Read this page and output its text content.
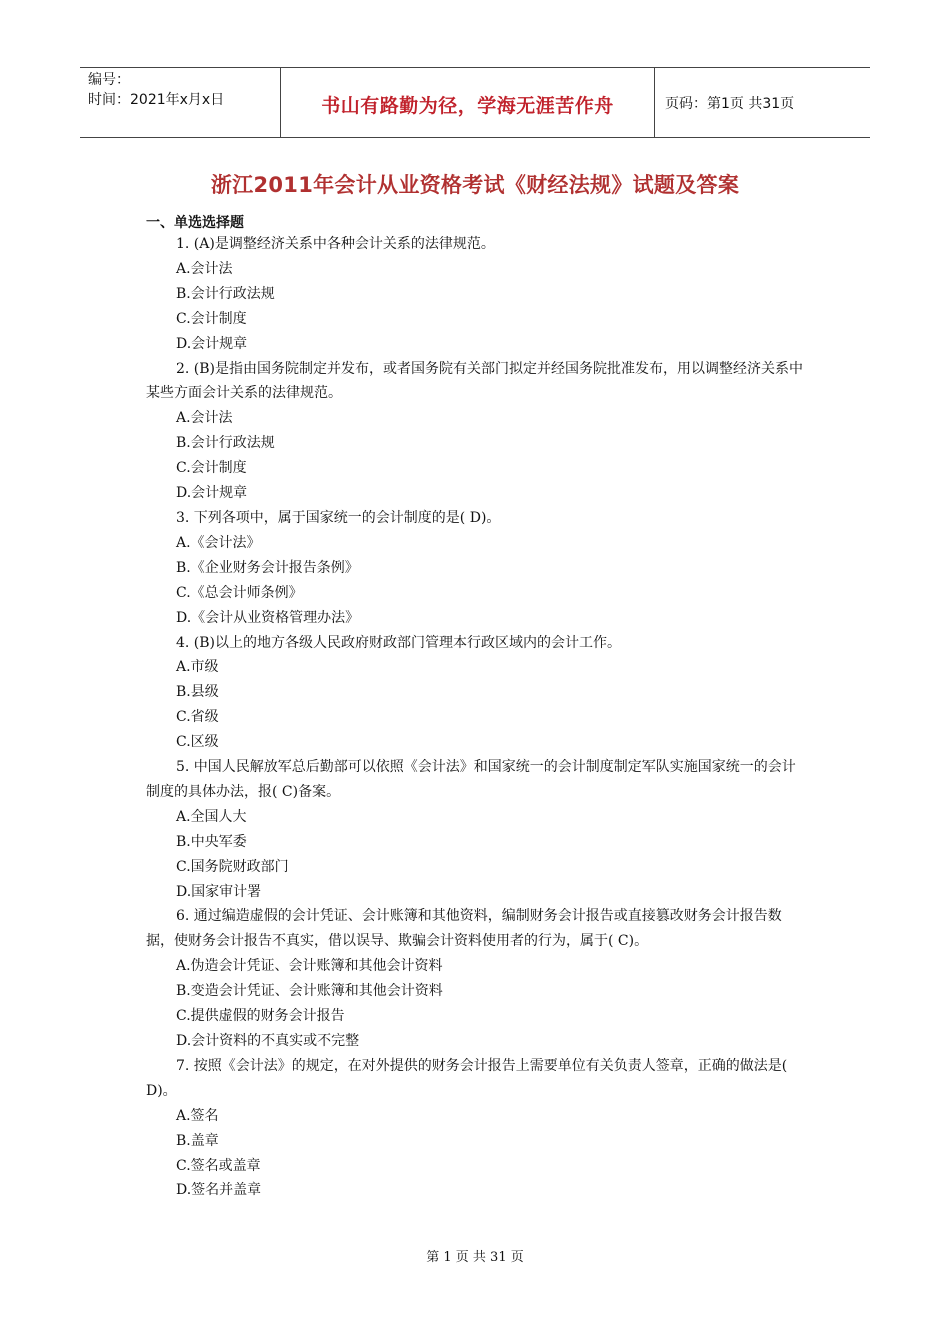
编号：
时间：2021年x月x日	书山有路勤为径，学海无涯苦作舟	页码：第1页 共31页
浙江2011年会计从业资格考试《财经法规》试题及答案
一、单选选择题

1. (A)是调整经济关系中各种会计关系的法律规范。

A.会计法

B.会计行政法规

C.会计制度

D.会计规章

2. (B)是指由国务院制定并发布，或者国务院有关部门拟定并经国务院批准发布，用以调整经济关系中某些方面会计关系的法律规范。

A.会计法

B.会计行政法规

C.会计制度

D.会计规章

3. 下列各项中，属于国家统一的会计制度的是( D)。

A.《会计法》

B.《企业财务会计报告条例》

C.《总会计师条例》

D.《会计从业资格管理办法》

4. (B)以上的地方各级人民政府财政部门管理本行政区域内的会计工作。

A.市级

B.县级

C.省级

C.区级

5. 中国人民解放军总后勤部可以依照《会计法》和国家统一的会计制度制定军队实施国家统一的会计制度的具体办法，报( C)备案。

A.全国人大

B.中央军委

C.国务院财政部门

D.国家审计署

6. 通过编造虚假的会计凭证、会计账簿和其他资料，编制财务会计报告或直接篡改财务会计报告数据，使财务会计报告不真实，借以误导、欺骗会计资料使用者的行为，属于( C)。

A.伪造会计凭证、会计账簿和其他会计资料

B.变造会计凭证、会计账簿和其他会计资料

C.提供虚假的财务会计报告

D.会计资料的不真实或不完整

7. 按照《会计法》的规定，在对外提供的财务会计报告上需要单位有关负责人签章，正确的做法是( D)。

A.签名

B.盖章

C.签名或盖章

D.签名并盖章

第 1 页 共 31 页
